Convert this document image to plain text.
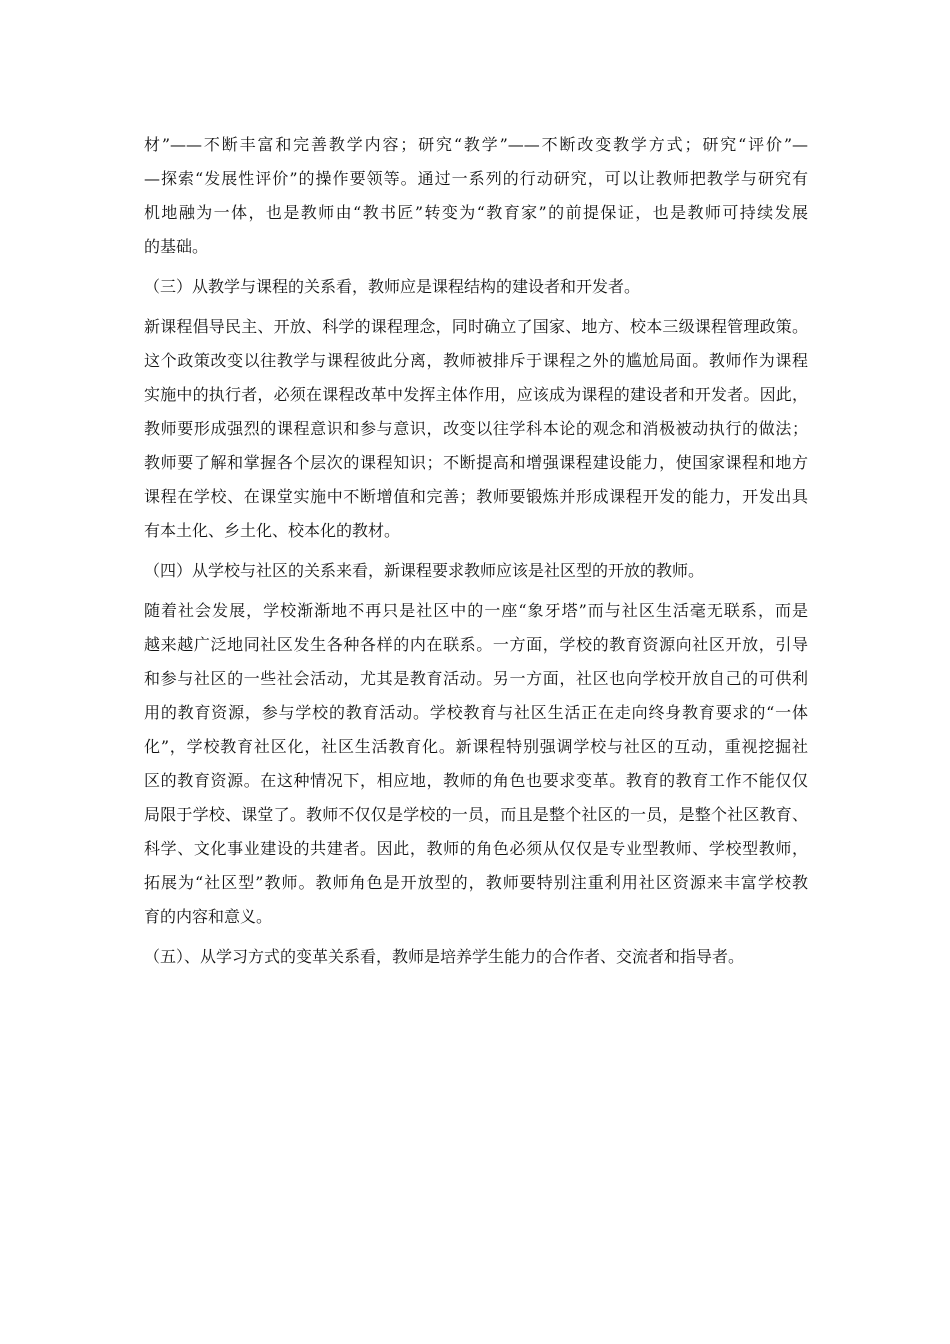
材”——不断丰富和完善教学内容；研究“教学”——不断改变教学方式；研究“评价”—
—探索“发展性评价”的操作要领等。通过一系列的行动研究，可以让教师把教学与研究有
机地融为一体，也是教师由“教书匠”转变为“教育家”的前提保证，也是教师可持续发展
的基础。
（三）从教学与课程的关系看，教师应是课程结构的建设者和开发者。
新课程倡导民主、开放、科学的课程理念，同时确立了国家、地方、校本三级课程管理政策。
这个政策改变以往教学与课程彼此分离，教师被排斥于课程之外的尴尬局面。教师作为课程
实施中的执行者，必须在课程改革中发挥主体作用，应该成为课程的建设者和开发者。因此，
教师要形成强烈的课程意识和参与意识，改变以往学科本论的观念和消极被动执行的做法；
教师要了解和掌握各个层次的课程知识；不断提高和增强课程建设能力，使国家课程和地方
课程在学校、在课堂实施中不断增值和完善；教师要锻炼并形成课程开发的能力，开发出具
有本土化、乡土化、校本化的教材。
（四）从学校与社区的关系来看，新课程要求教师应该是社区型的开放的教师。
随着社会发展，学校渐渐地不再只是社区中的一座“象牙塔”而与社区生活毫无联系，而是
越来越广泛地同社区发生各种各样的内在联系。一方面，学校的教育资源向社区开放，引导
和参与社区的一些社会活动，尤其是教育活动。另一方面，社区也向学校开放自己的可供利
用的教育资源，参与学校的教育活动。学校教育与社区生活正在走向终身教育要求的“一体
化”，学校教育社区化，社区生活教育化。新课程特别强调学校与社区的互动，重视挖掘社
区的教育资源。在这种情况下，相应地，教师的角色也要求变革。教育的教育工作不能仅仅
局限于学校、课堂了。教师不仅仅是学校的一员，而且是整个社区的一员，是整个社区教育、
科学、文化事业建设的共建者。因此，教师的角色必须从仅仅是专业型教师、学校型教师，
拓展为“社区型”教师。教师角色是开放型的，教师要特别注重利用社区资源来丰富学校教
育的内容和意义。
（五）、从学习方式的变革关系看，教师是培养学生能力的合作者、交流者和指导者。
